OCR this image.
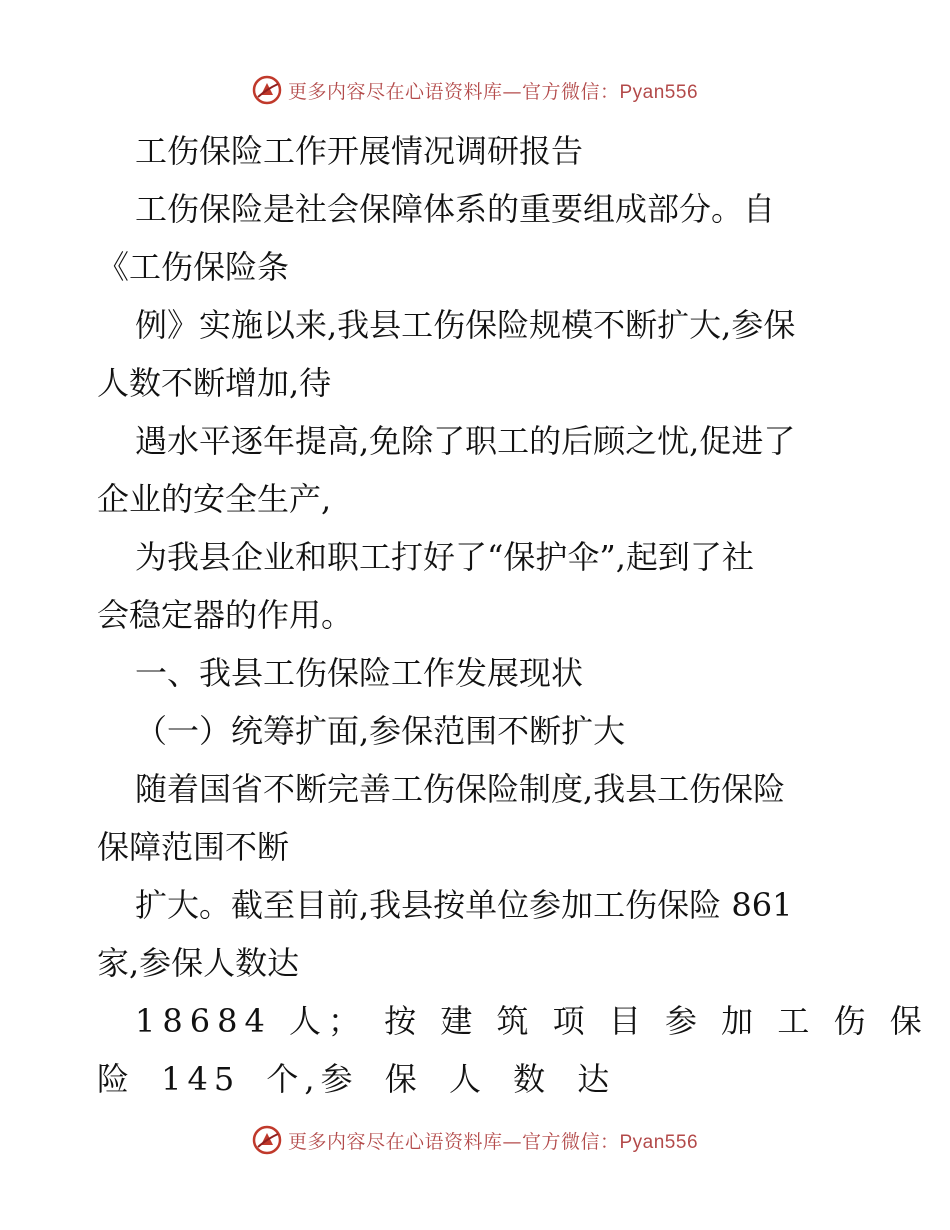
更多内容尽在心语资料库—官方微信：Pyan556
工伤保险工作开展情况调研报告
工伤保险是社会保障体系的重要组成部分。自
《工伤保险条
例》实施以来,我县工伤保险规模不断扩大,参保
人数不断增加,待
遇水平逐年提高,免除了职工的后顾之忧,促进了
企业的安全生产,
为我县企业和职工打好了“保护伞”,起到了社
会稳定器的作用。
一、我县工伤保险工作发展现状
（一）统筹扩面,参保范围不断扩大
随着国省不断完善工伤保险制度,我县工伤保险
保障范围不断
扩大。截至目前,我县按单位参加工伤保险 861
家,参保人数达
18684 人； 按 建 筑 项 目 参 加 工 伤 保
险 145 个,参 保 人 数 达
更多内容尽在心语资料库—官方微信：Pyan556
